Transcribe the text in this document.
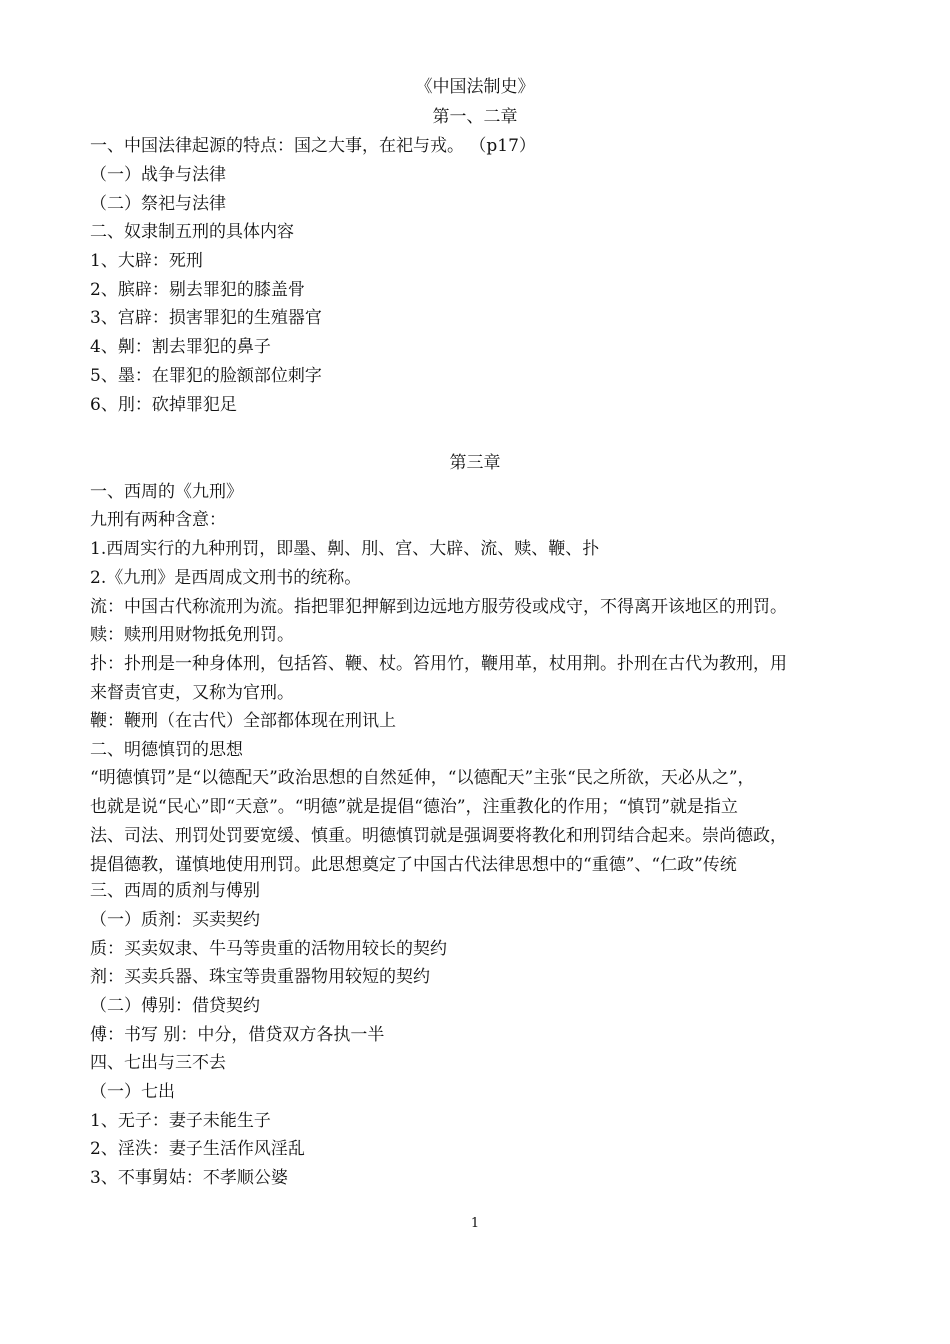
《中国法制史》
第一、二章
一、中国法律起源的特点：国之大事，在祀与戎。 （p17）
（一）战争与法律
（二）祭祀与法律
二、奴隶制五刑的具体内容
1、大辟：死刑
2、膑辟：剔去罪犯的膝盖骨
3、宫辟：损害罪犯的生殖器官
4、劓：割去罪犯的鼻子
5、墨：在罪犯的脸额部位刺字
6、刖：砍掉罪犯足
第三章
一、西周的《九刑》
九刑有两种含意：
1.西周实行的九种刑罚，即墨、劓、刖、宫、大辟、流、赎、鞭、扑
2.《九刑》是西周成文刑书的统称。
流：中国古代称流刑为流。指把罪犯押解到边远地方服劳役或戍守，不得离开该地区的刑罚。
赎：赎刑用财物抵免刑罚。
扑：扑刑是一种身体刑，包括笞、鞭、杖。笞用竹，鞭用革，杖用荆。扑刑在古代为教刑，用
来督责官吏，又称为官刑。
鞭：鞭刑（在古代）全部都体现在刑讯上
二、明德慎罚的思想
“明德慎罚”是“以德配天”政治思想的自然延伸，“以德配天”主张“民之所欲，天必从之”，
也就是说“民心”即“天意”。“明德”就是提倡“德治”，注重教化的作用；“慎罚”就是指立
法、司法、刑罚处罚要宽缓、慎重。明德慎罚就是强调要将教化和刑罚结合起来。崇尚德政，
提倡德教，谨慎地使用刑罚。此思想奠定了中国古代法律思想中的“重德”、“仁政”传统
三、西周的质剂与傅别
（一）质剂：买卖契约
质：买卖奴隶、牛马等贵重的活物用较长的契约
剂：买卖兵器、珠宝等贵重器物用较短的契约
（二）傅别：借贷契约
傅：书写 别：中分，借贷双方各执一半
四、七出与三不去
（一）七出
1、无子：妻子未能生子
2、淫泆：妻子生活作风淫乱
3、不事舅姑：不孝顺公婆
1
